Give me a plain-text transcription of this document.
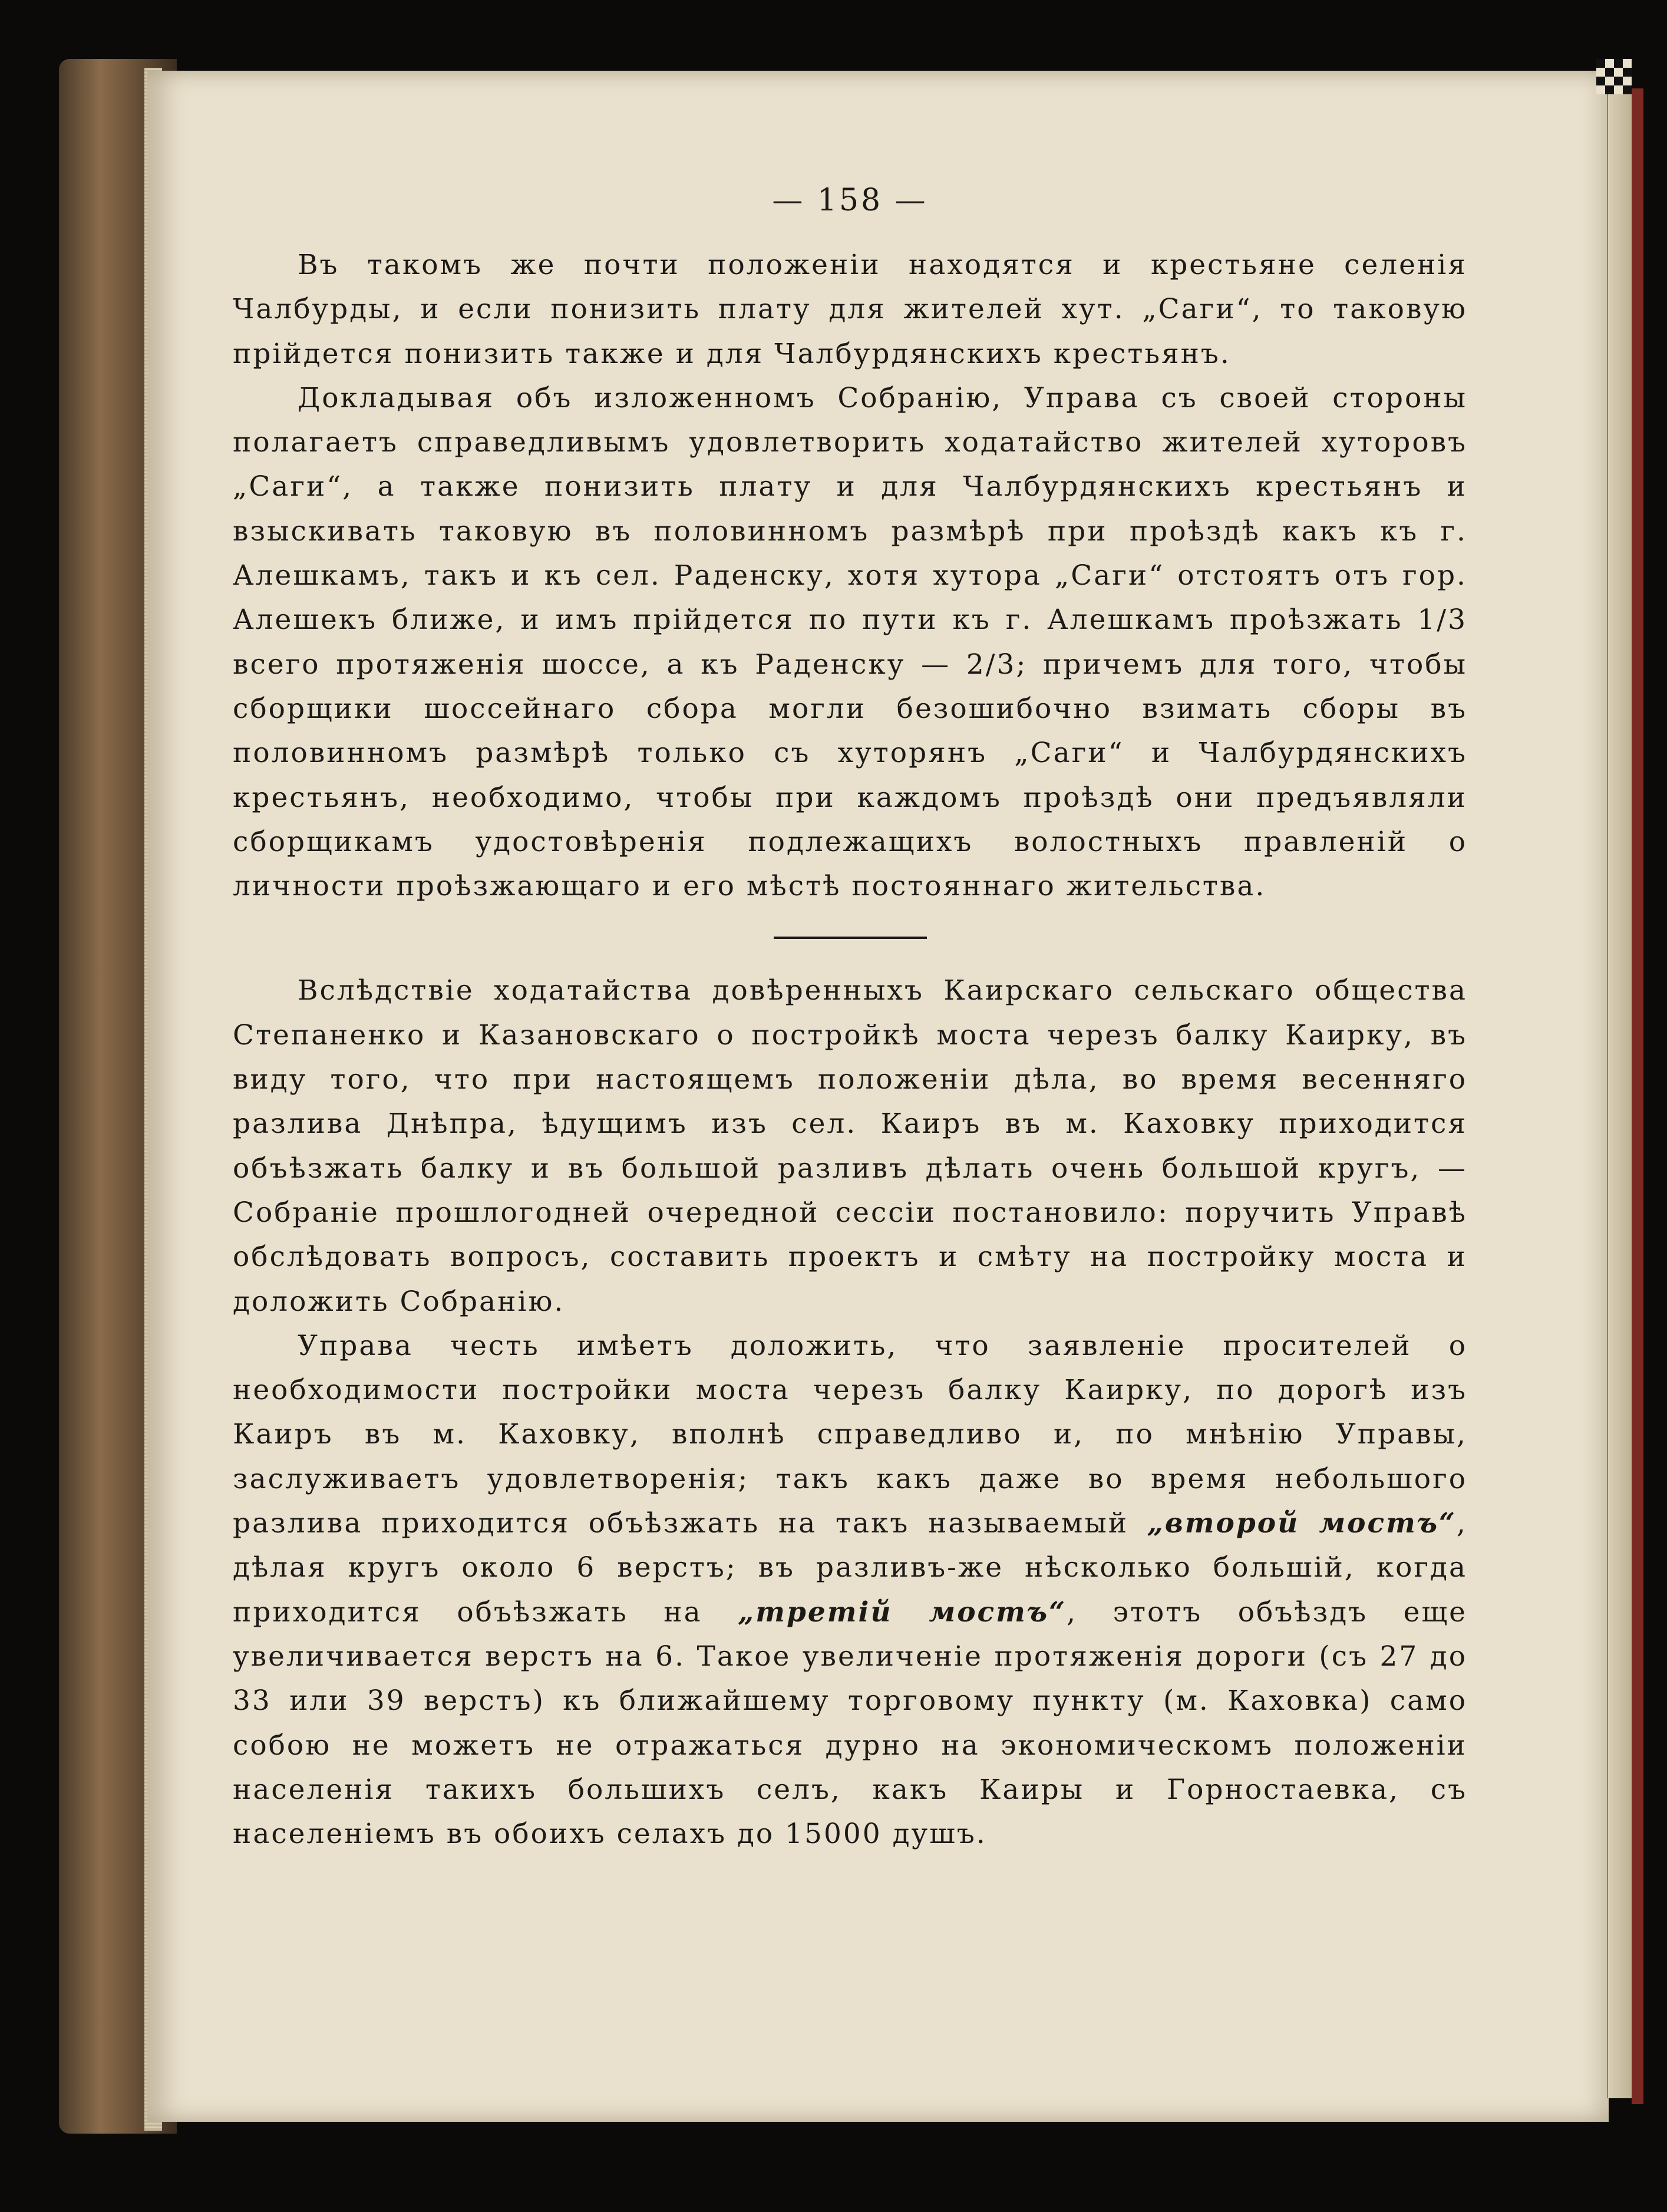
— 158 —

Въ такомъ же почти положенiи находятся и крестьяне селенiя Чалбурды, и если понизить плату для жителей хут. „Саги“, то таковую прiйдется понизить также и для Чалбурдянскихъ крестьянъ.

Докладывая объ изложенномъ Собранiю, Управа съ своей стороны полагаетъ справедливымъ удовлетворить ходатайство жителей хуторовъ „Саги“, а также понизить плату и для Чалбурдянскихъ крестьянъ и взыскивать таковую въ половинномъ размѣрѣ при проѣздѣ какъ къ г. Алешкамъ, такъ и къ сел. Раденску, хотя хутора „Саги“ отстоятъ отъ гор. Алешекъ ближе, и имъ прiйдется по пути къ г. Алешкамъ проѣзжать 1/3 всего протяженiя шоссе, а къ Раденску — 2/3; причемъ для того, чтобы сборщики шоссейнаго сбора могли безошибочно взимать сборы въ половинномъ размѣрѣ только съ хуторянъ „Саги“ и Чалбурдянскихъ крестьянъ, необходимо, чтобы при каждомъ проѣздѣ они предъявляли сборщикамъ удостовѣренiя подлежащихъ волостныхъ правленiй о личности проѣзжающаго и его мѣстѣ постояннаго жительства.

Вслѣдствiе ходатайства довѣренныхъ Каирскаго сельскаго общества Степаненко и Казановскаго о постройкѣ моста черезъ балку Каирку, въ виду того, что при настоящемъ положенiи дѣла, во время весенняго разлива Днѣпра, ѣдущимъ изъ сел. Каиръ въ м. Каховку приходится объѣзжать балку и въ большой разливъ дѣлать очень большой кругъ, — Собранiе прошлогодней очередной сессiи постановило: поручить Управѣ обслѣдовать вопросъ, составить проектъ и смѣту на постройку моста и доложить Собранiю.

Управа честь имѣетъ доложить, что заявленiе просителей о необходимости постройки моста черезъ балку Каирку, по дорогѣ изъ Каиръ въ м. Каховку, вполнѣ справедливо и, по мнѣнiю Управы, заслуживаетъ удовлетворенiя; такъ какъ даже во время небольшого разлива приходится объѣзжать на такъ называемый „второй мостъ“, дѣлая кругъ около 6 верстъ; въ разливъ-же нѣсколько большiй, когда приходится объѣзжать на „третiй мостъ“, этотъ объѣздъ еще увеличивается верстъ на 6. Такое увеличенiе протяженiя дороги (съ 27 до 33 или 39 верстъ) къ ближайшему торговому пункту (м. Каховка) само собою не можетъ не отражаться дурно на экономическомъ положенiи населенiя такихъ большихъ селъ, какъ Каиры и Горностаевка, съ населенiемъ въ обоихъ селахъ до 15000 душъ.
